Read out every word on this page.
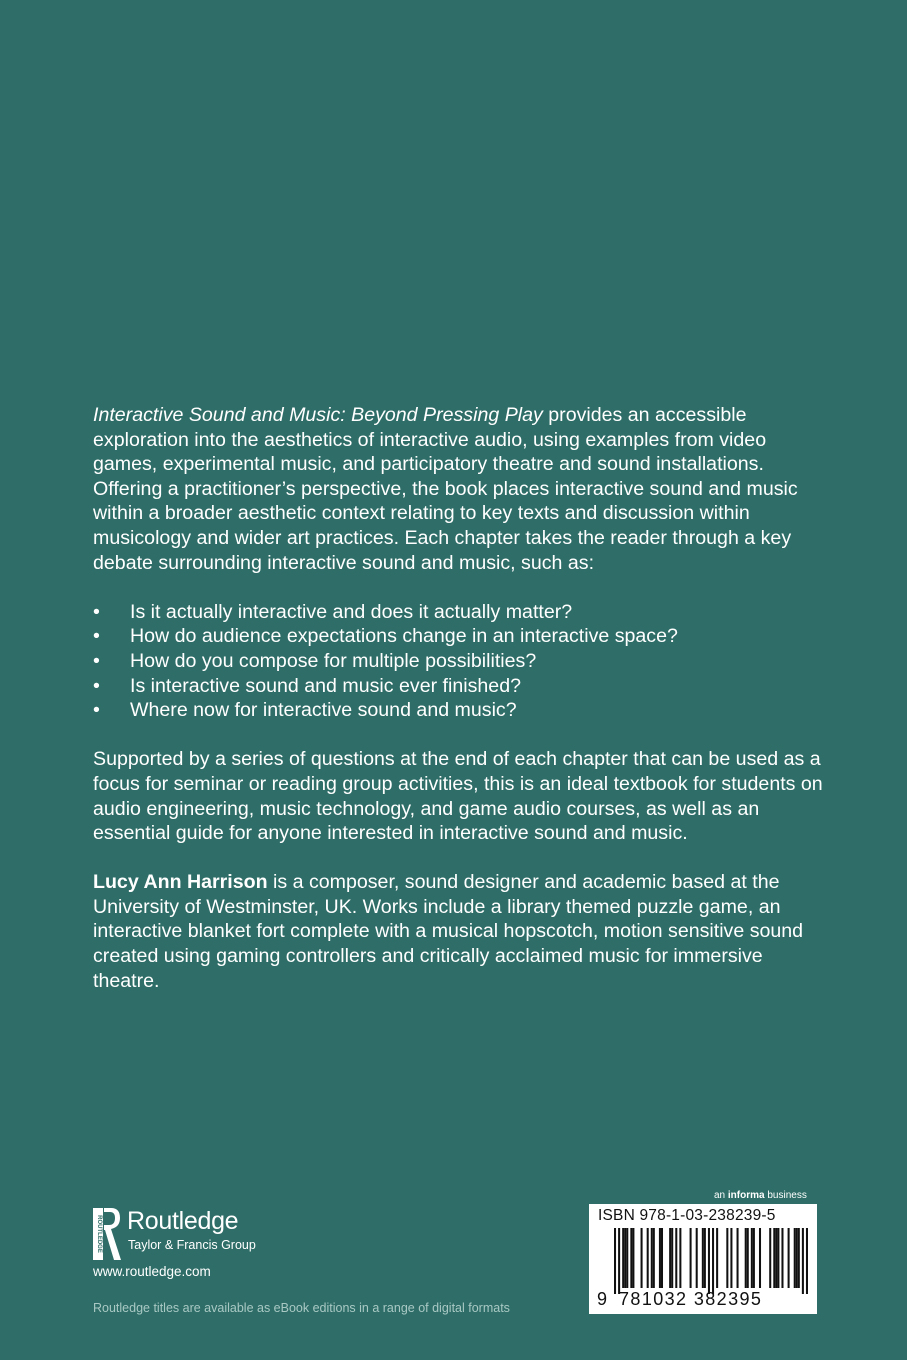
Interactive Sound and Music: Beyond Pressing Play provides an accessible exploration into the aesthetics of interactive audio, using examples from video games, experimental music, and participatory theatre and sound installations. Offering a practitioner’s perspective, the book places interactive sound and music within a broader aesthetic context relating to key texts and discussion within musicology and wider art practices. Each chapter takes the reader through a key debate surrounding interactive sound and music, such as:

• Is it actually interactive and does it actually matter?
• How do audience expectations change in an interactive space?
• How do you compose for multiple possibilities?
• Is interactive sound and music ever finished?
• Where now for interactive sound and music?

Supported by a series of questions at the end of each chapter that can be used as a focus for seminar or reading group activities, this is an ideal textbook for students on audio engineering, music technology, and game audio courses, as well as an essential guide for anyone interested in interactive sound and music.

Lucy Ann Harrison is a composer, sound designer and academic based at the University of Westminster, UK. Works include a library themed puzzle game, an interactive blanket fort complete with a musical hopscotch, motion sensitive sound created using gaming controllers and critically acclaimed music for immersive theatre.

ROUTLEDGE Routledge
Taylor & Francis Group
www.routledge.com
Routledge titles are available as eBook editions in a range of digital formats
an informa business
ISBN 978-1-03-238239-5
9 781032 382395
